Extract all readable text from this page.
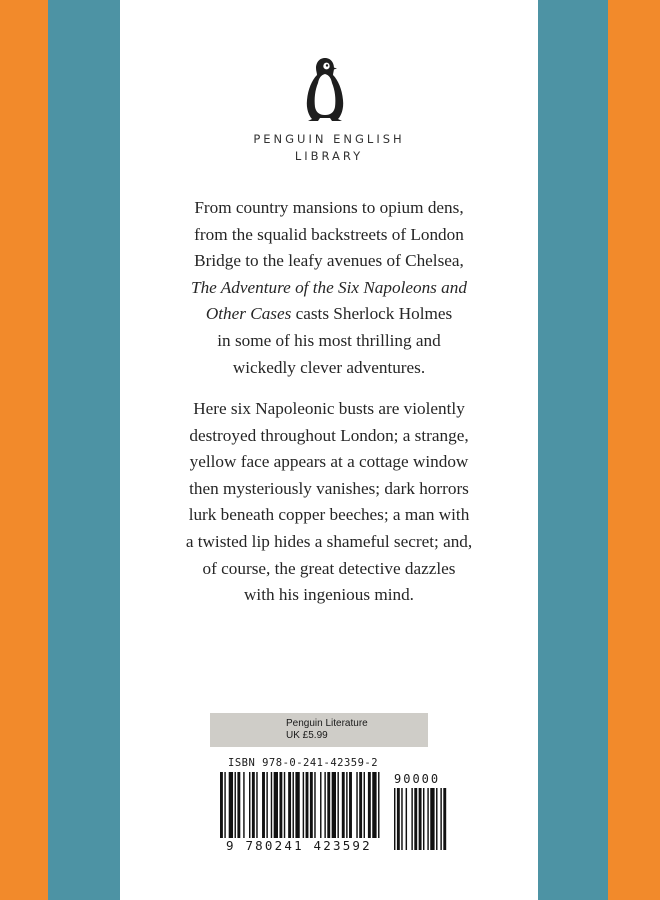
PENGUIN ENGLISH
LIBRARY
From country mansions to opium dens,
from the squalid backstreets of London
Bridge to the leafy avenues of Chelsea,
The Adventure of the Six Napoleons and
Other Cases casts Sherlock Holmes
in some of his most thrilling and
wickedly clever adventures.
Here six Napoleonic busts are violently
destroyed throughout London; a strange,
yellow face appears at a cottage window
then mysteriously vanishes; dark horrors
lurk beneath copper beeches; a man with
a twisted lip hides a shameful secret; and,
of course, the great detective dazzles
with his ingenious mind.
Penguin Literature
UK £5.99
ISBN 978-0-241-42359-2
90000
9 780241 423592
